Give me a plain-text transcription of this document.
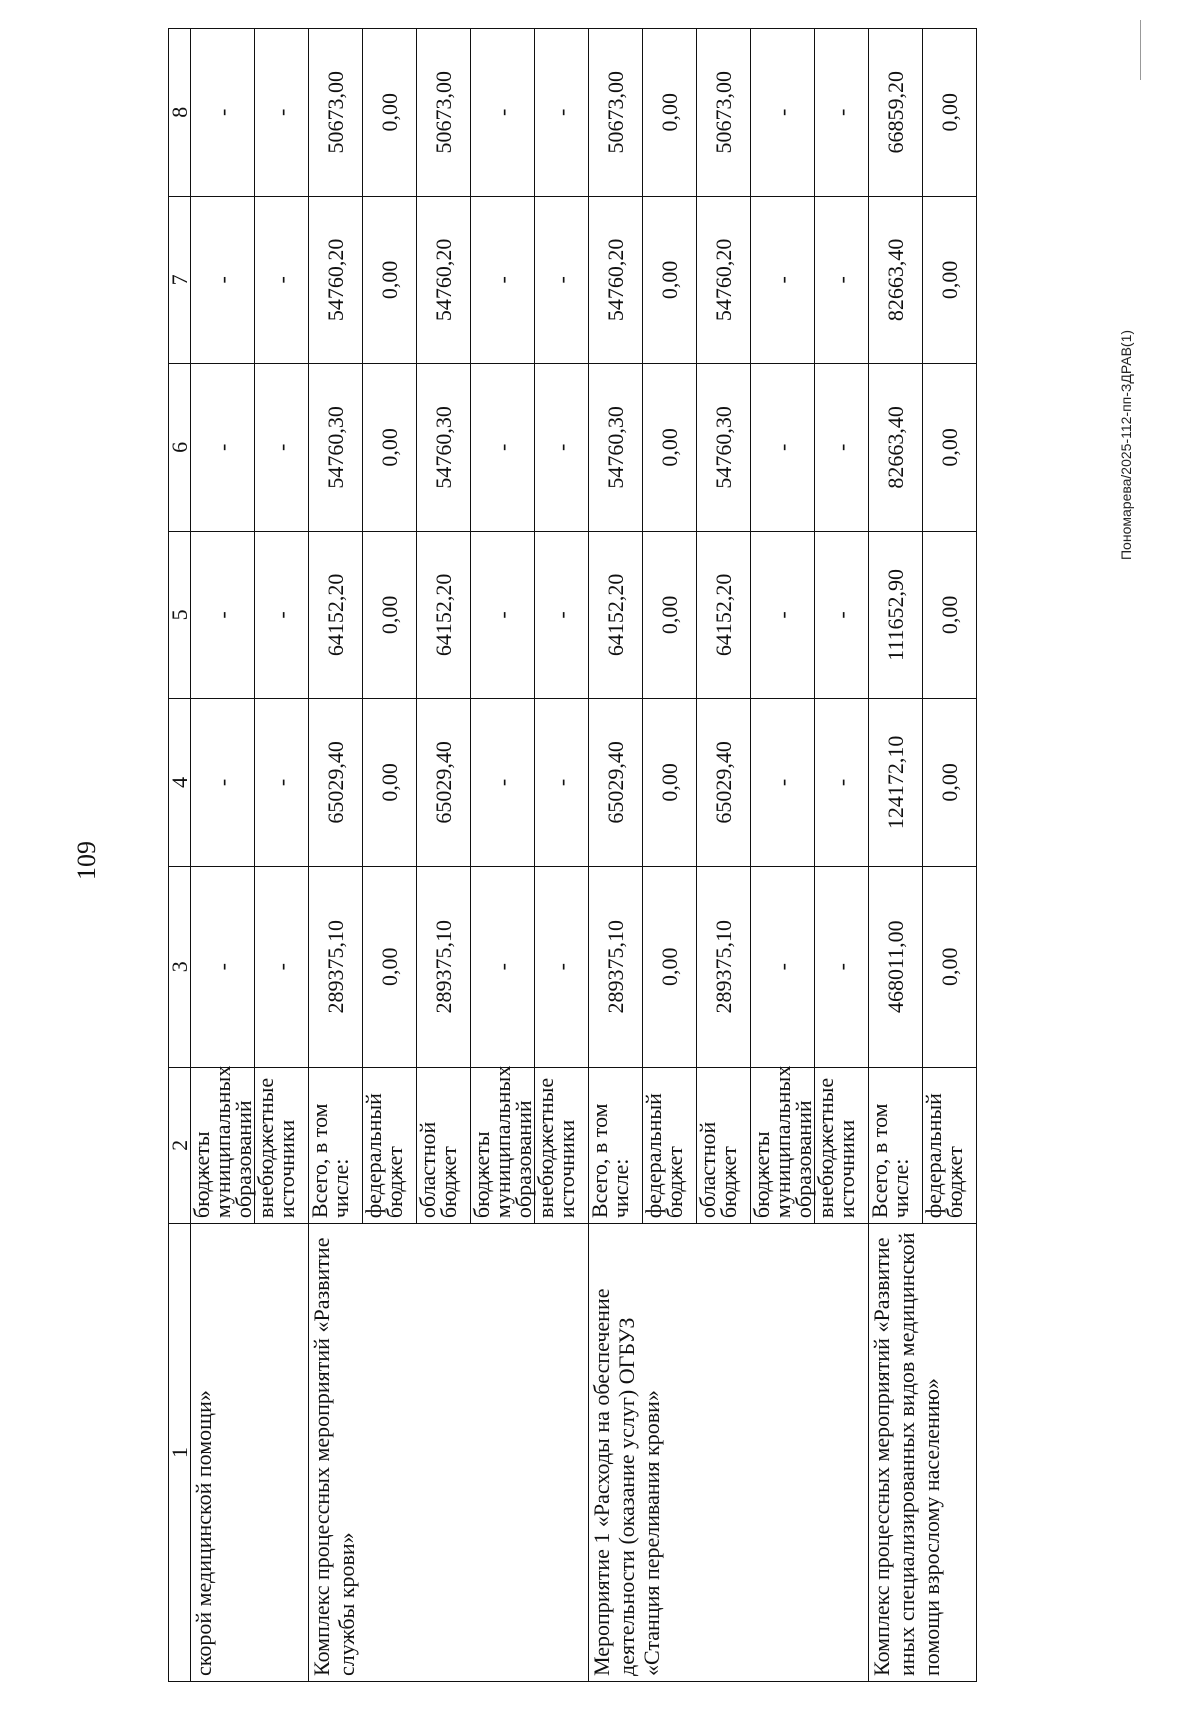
109
Пономарева/2025-112-пп-ЗДРАВ(1)
1	2	3	4	5	6	7	8
скорой медицинской помощи»	бюджеты муниципальных образований	-	-	-	-	-	-
	внебюджетные источники	-	-	-	-	-	-
Комплекс процессных мероприятий «Развитие службы крови»	Всего, в том числе:	289375,10	65029,40	64152,20	54760,30	54760,20	50673,00
	федеральный бюджет	0,00	0,00	0,00	0,00	0,00	0,00
	областной бюджет	289375,10	65029,40	64152,20	54760,30	54760,20	50673,00
	бюджеты муниципальных образований	-	-	-	-	-	-
	внебюджетные источники	-	-	-	-	-	-
Мероприятие 1 «Расходы на обеспечение деятельности (оказание услуг) ОГБУЗ «Станция переливания крови»	Всего, в том числе:	289375,10	65029,40	64152,20	54760,30	54760,20	50673,00
	федеральный бюджет	0,00	0,00	0,00	0,00	0,00	0,00
	областной бюджет	289375,10	65029,40	64152,20	54760,30	54760,20	50673,00
	бюджеты муниципальных образований	-	-	-	-	-	-
	внебюджетные источники	-	-	-	-	-	-
Комплекс процессных мероприятий «Развитие иных специализированных видов медицинской помощи взрослому населению»	Всего, в том числе:	468011,00	124172,10	111652,90	82663,40	82663,40	66859,20
	федеральный бюджет	0,00	0,00	0,00	0,00	0,00	0,00
